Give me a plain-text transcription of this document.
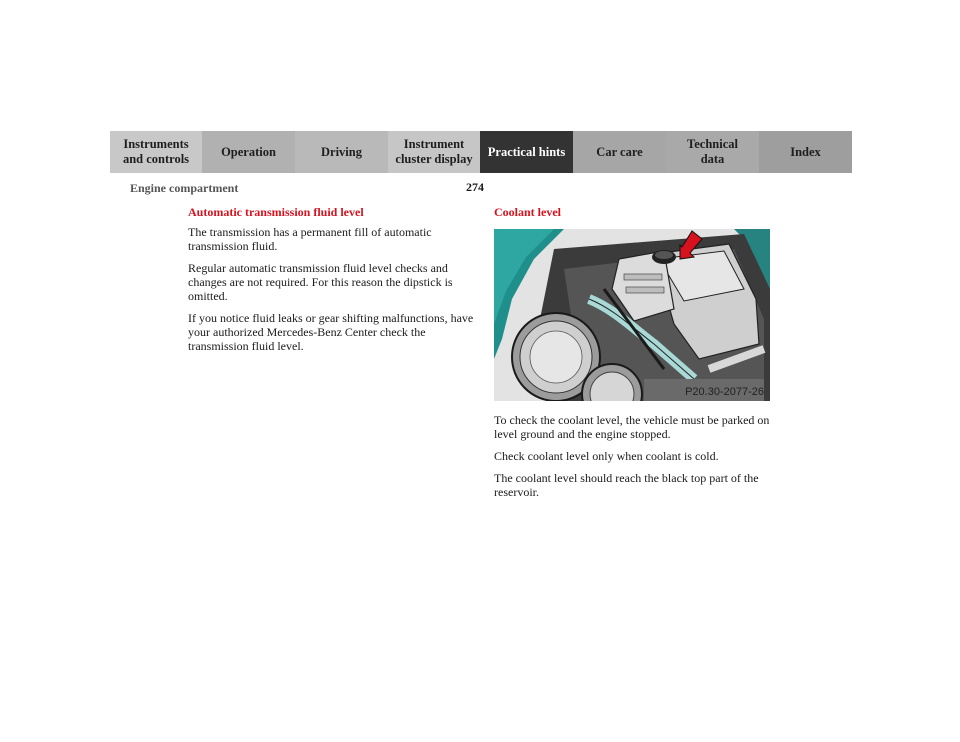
Instruments
and controls
Operation	Driving
Instrument
cluster display
Practical hints	Car care
Technical
data
Index
Engine compartment	274
Automatic transmission fluid level

The transmission has a permanent fill of automatic transmission fluid.

Regular automatic transmission fluid level checks and changes are not required. For this reason the dipstick is omitted.

If you notice fluid leaks or gear shifting malfunctions, have your authorized Mercedes-Benz Center check the transmission fluid level.

Coolant level
P20.30-2077-26

To check the coolant level, the vehicle must be parked on level ground and the engine stopped.

Check coolant level only when coolant is cold.

The coolant level should reach the black top part of the reservoir.
